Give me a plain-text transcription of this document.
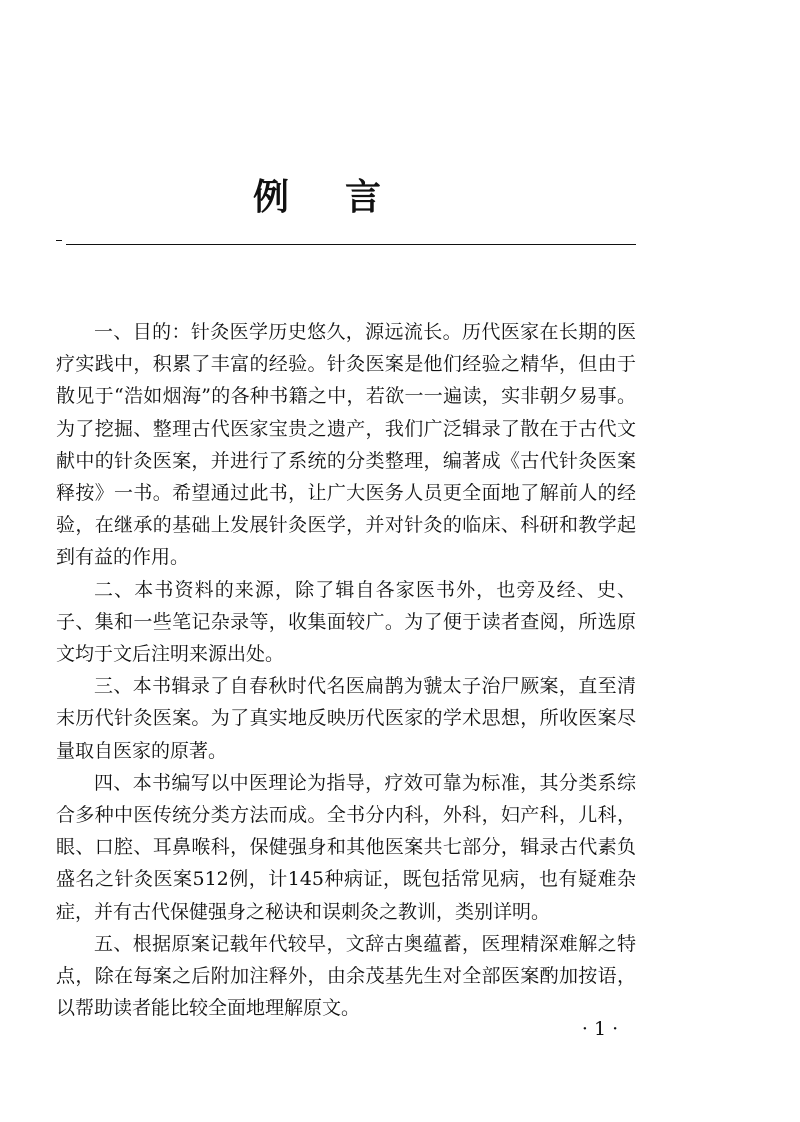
例言

一、目的：针灸医学历史悠久，源远流长。历代医家在长期的医疗实践中，积累了丰富的经验。针灸医案是他们经验之精华，但由于散见于“浩如烟海”的各种书籍之中，若欲一一遍读，实非朝夕易事。为了挖掘、整理古代医家宝贵之遗产，我们广泛辑录了散在于古代文献中的针灸医案，并进行了系统的分类整理，编著成《古代针灸医案释按》一书。希望通过此书，让广大医务人员更全面地了解前人的经验，在继承的基础上发展针灸医学，并对针灸的临床、科研和教学起到有益的作用。

二、本书资料的来源，除了辑自各家医书外，也旁及经、史、子、集和一些笔记杂录等，收集面较广。为了便于读者查阅，所选原文均于文后注明来源出处。

三、本书辑录了自春秋时代名医扁鹊为虢太子治尸厥案，直至清末历代针灸医案。为了真实地反映历代医家的学术思想，所收医案尽量取自医家的原著。

四、本书编写以中医理论为指导，疗效可靠为标准，其分类系综合多种中医传统分类方法而成。全书分内科，外科，妇产科，儿科，眼、口腔、耳鼻喉科，保健强身和其他医案共七部分，辑录古代素负盛名之针灸医案512例，计145种病证，既包括常见病，也有疑难杂症，并有古代保健强身之秘诀和误刺灸之教训，类别详明。

五、根据原案记载年代较早，文辞古奥蕴蓄，医理精深难解之特点，除在每案之后附加注释外，由余茂基先生对全部医案酌加按语，以帮助读者能比较全面地理解原文。

· 1 ·
